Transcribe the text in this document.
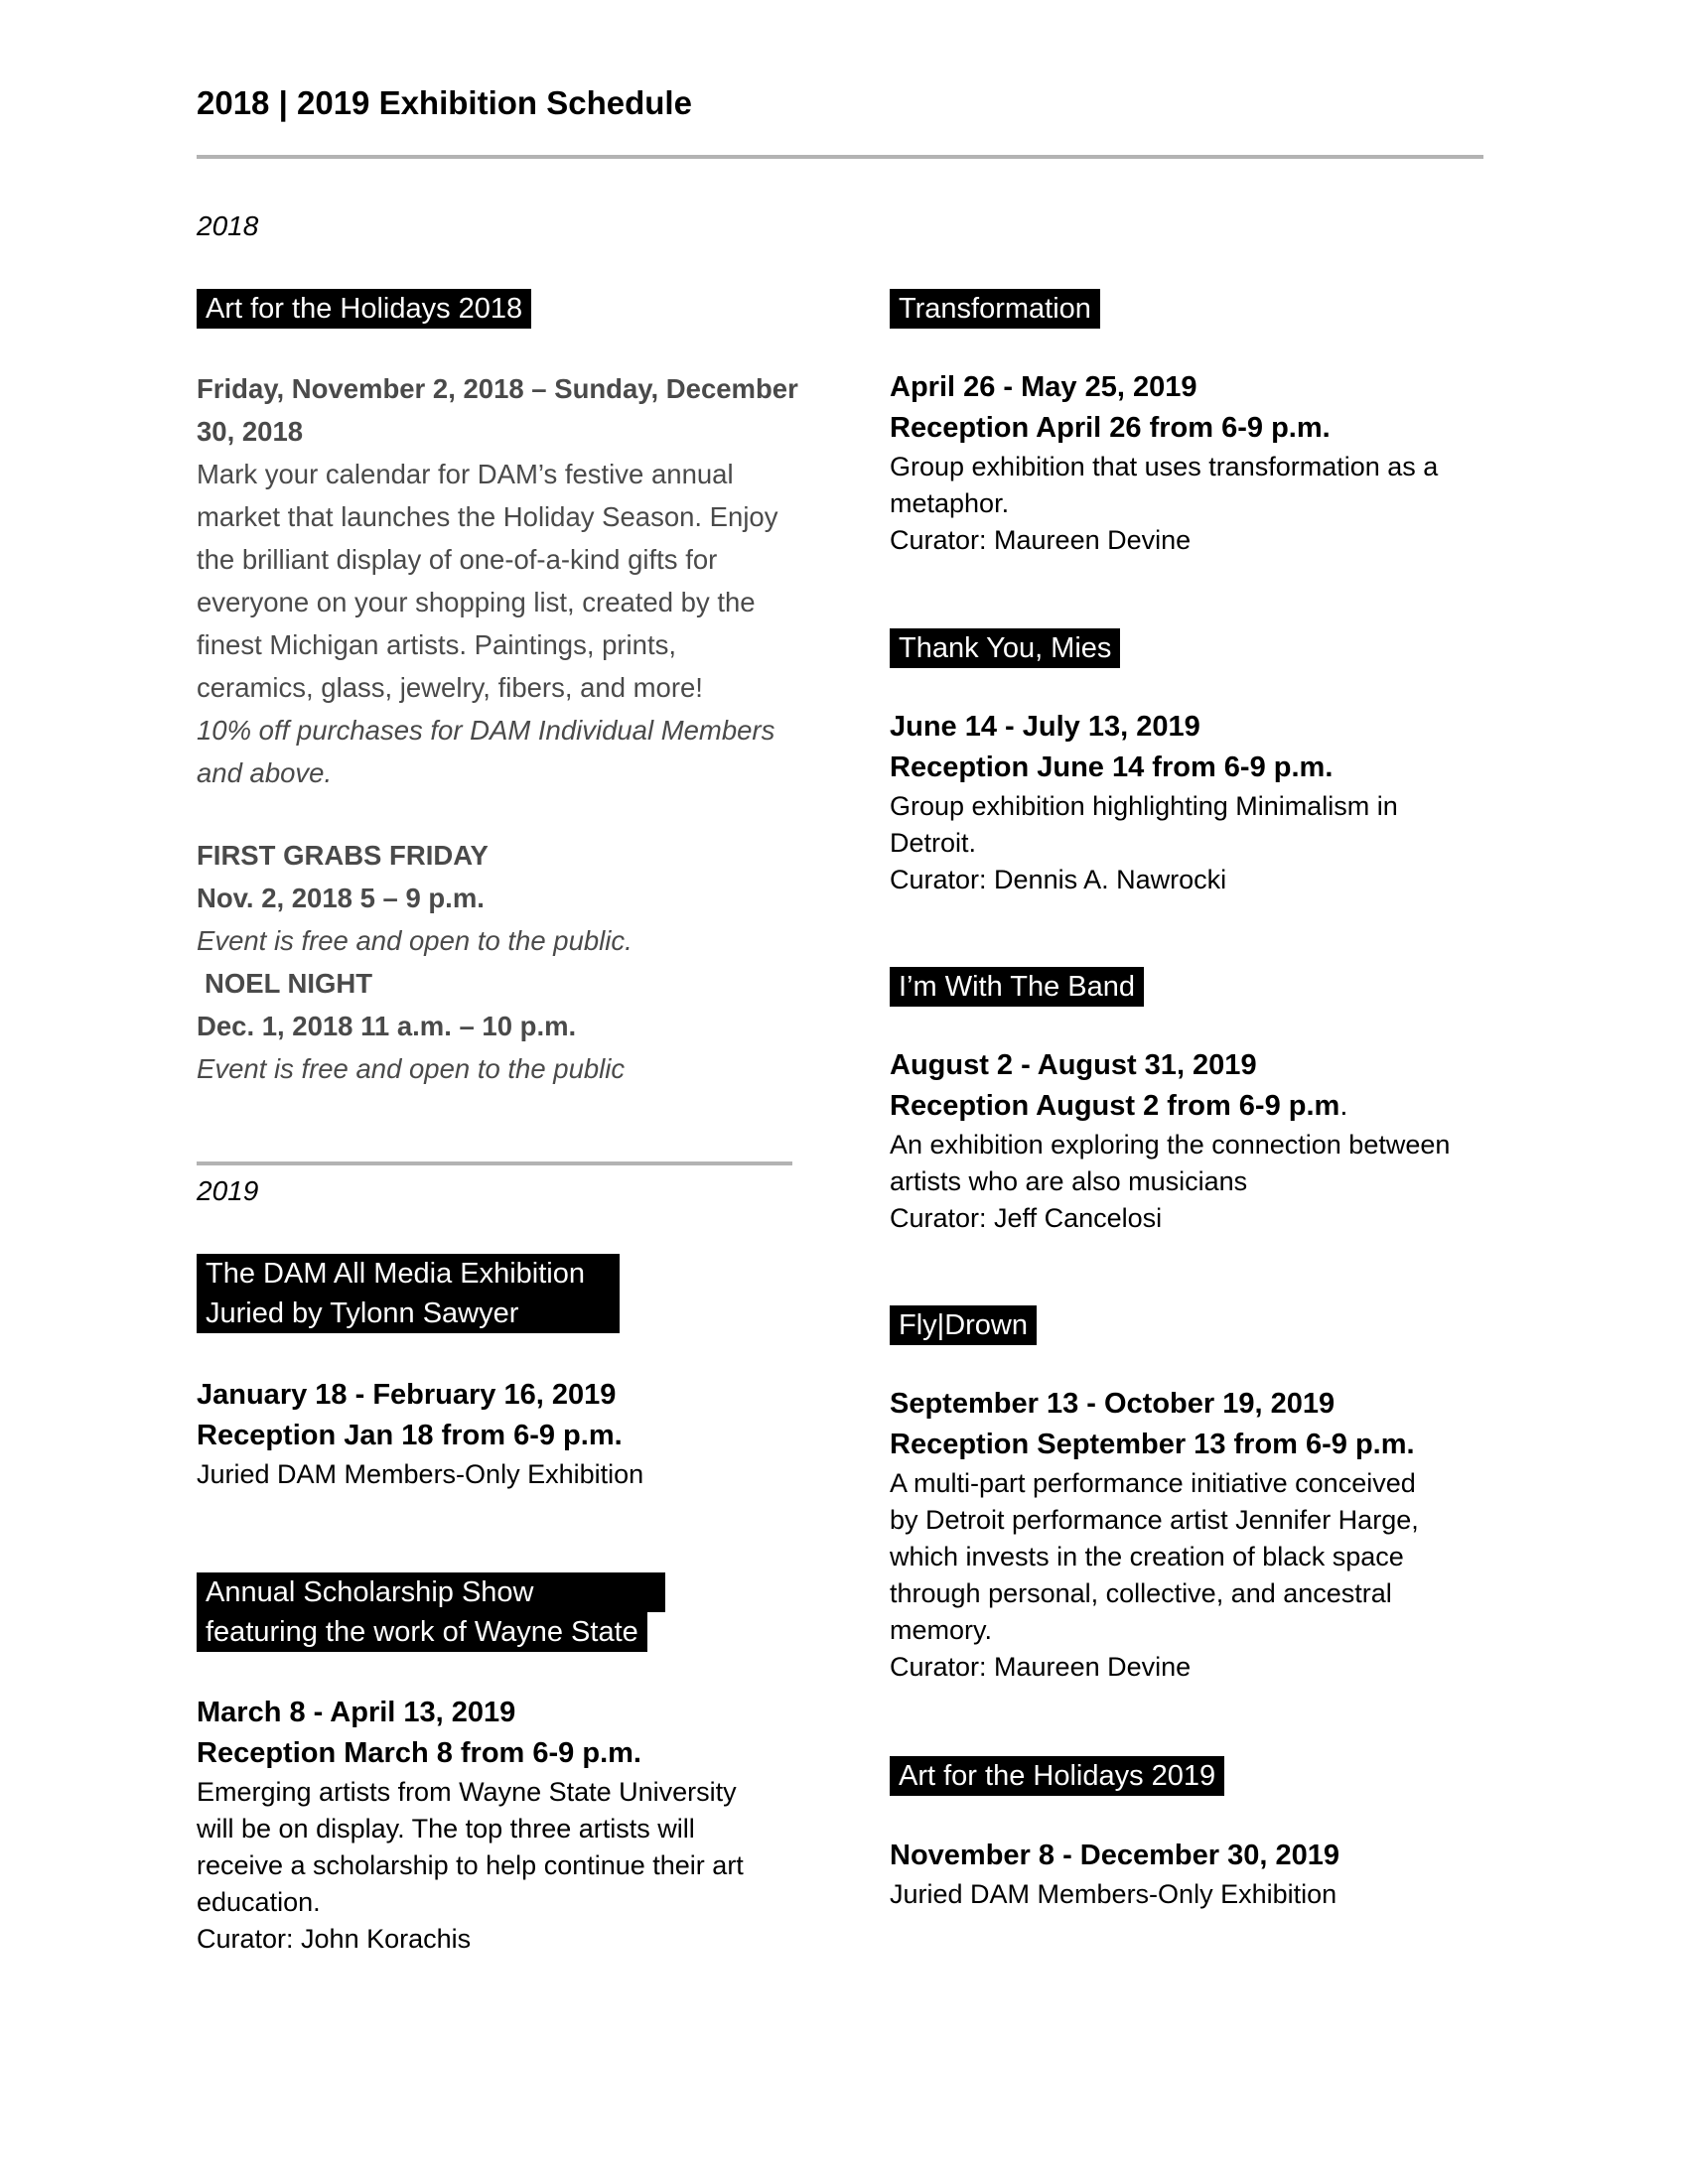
2018 | 2019 Exhibition Schedule
2018
Art for the Holidays 2018
Friday, November 2, 2018 – Sunday, December
30, 2018
Mark your calendar for DAM’s festive annual
market that launches the Holiday Season. Enjoy
the brilliant display of one-of-a-kind gifts for
everyone on your shopping list, created by the
finest Michigan artists. Paintings, prints,
ceramics, glass, jewelry, fibers, and more!
10% off purchases for DAM Individual Members
and above.
FIRST GRABS FRIDAY
Nov. 2, 2018 5 – 9 p.m.
Event is free and open to the public.
NOEL NIGHT
Dec. 1, 2018 11 a.m. – 10 p.m.
Event is free and open to the public
2019
The DAM All Media Exhibition
Juried by Tylonn Sawyer
January 18 - February 16, 2019
Reception Jan 18 from 6-9 p.m.
Juried DAM Members-Only Exhibition
Annual Scholarship Show
featuring the work of Wayne State
March 8 - April 13, 2019
Reception March 8 from 6-9 p.m.
Emerging artists from Wayne State University
will be on display. The top three artists will
receive a scholarship to help continue their art
education.
Curator: John Korachis
Transformation
April 26 - May 25, 2019
Reception April 26 from 6-9 p.m.
Group exhibition that uses transformation as a
metaphor.
Curator: Maureen Devine
Thank You, Mies
June 14 - July 13, 2019
Reception June 14 from 6-9 p.m.
Group exhibition highlighting Minimalism in
Detroit.
Curator: Dennis A. Nawrocki
I’m With The Band
August 2 - August 31, 2019
Reception August 2 from 6-9 p.m.
An exhibition exploring the connection between
artists who are also musicians
Curator: Jeff Cancelosi
Fly|Drown
September 13 - October 19, 2019
Reception September 13 from 6-9 p.m.
A multi-part performance initiative conceived
by Detroit performance artist Jennifer Harge,
which invests in the creation of black space
through personal, collective, and ancestral
memory.
Curator: Maureen Devine
Art for the Holidays 2019
November 8 - December 30, 2019
Juried DAM Members-Only Exhibition
